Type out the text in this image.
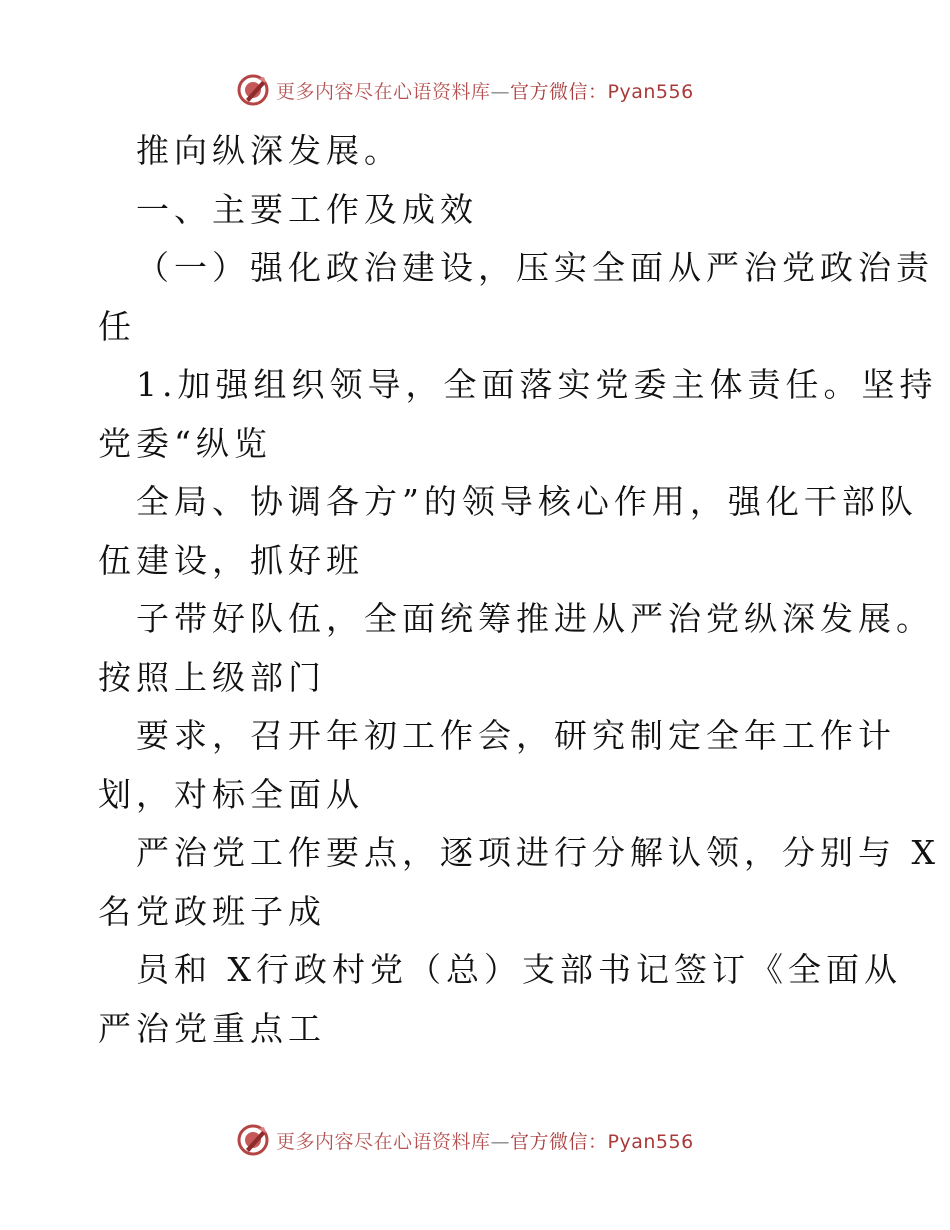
更多内容尽在心语资料库—官方微信：Pyan556
推向纵深发展。
一、主要工作及成效
（一）强化政治建设，压实全面从严治党政治责
任
1.加强组织领导，全面落实党委主体责任。坚持
党委“纵览
全局、协调各方”的领导核心作用，强化干部队
伍建设，抓好班
子带好队伍，全面统筹推进从严治党纵深发展。
按照上级部门
要求，召开年初工作会，研究制定全年工作计
划，对标全面从
严治党工作要点，逐项进行分解认领，分别与 X
名党政班子成
员和 X行政村党（总）支部书记签订《全面从
严治党重点工
更多内容尽在心语资料库—官方微信：Pyan556
